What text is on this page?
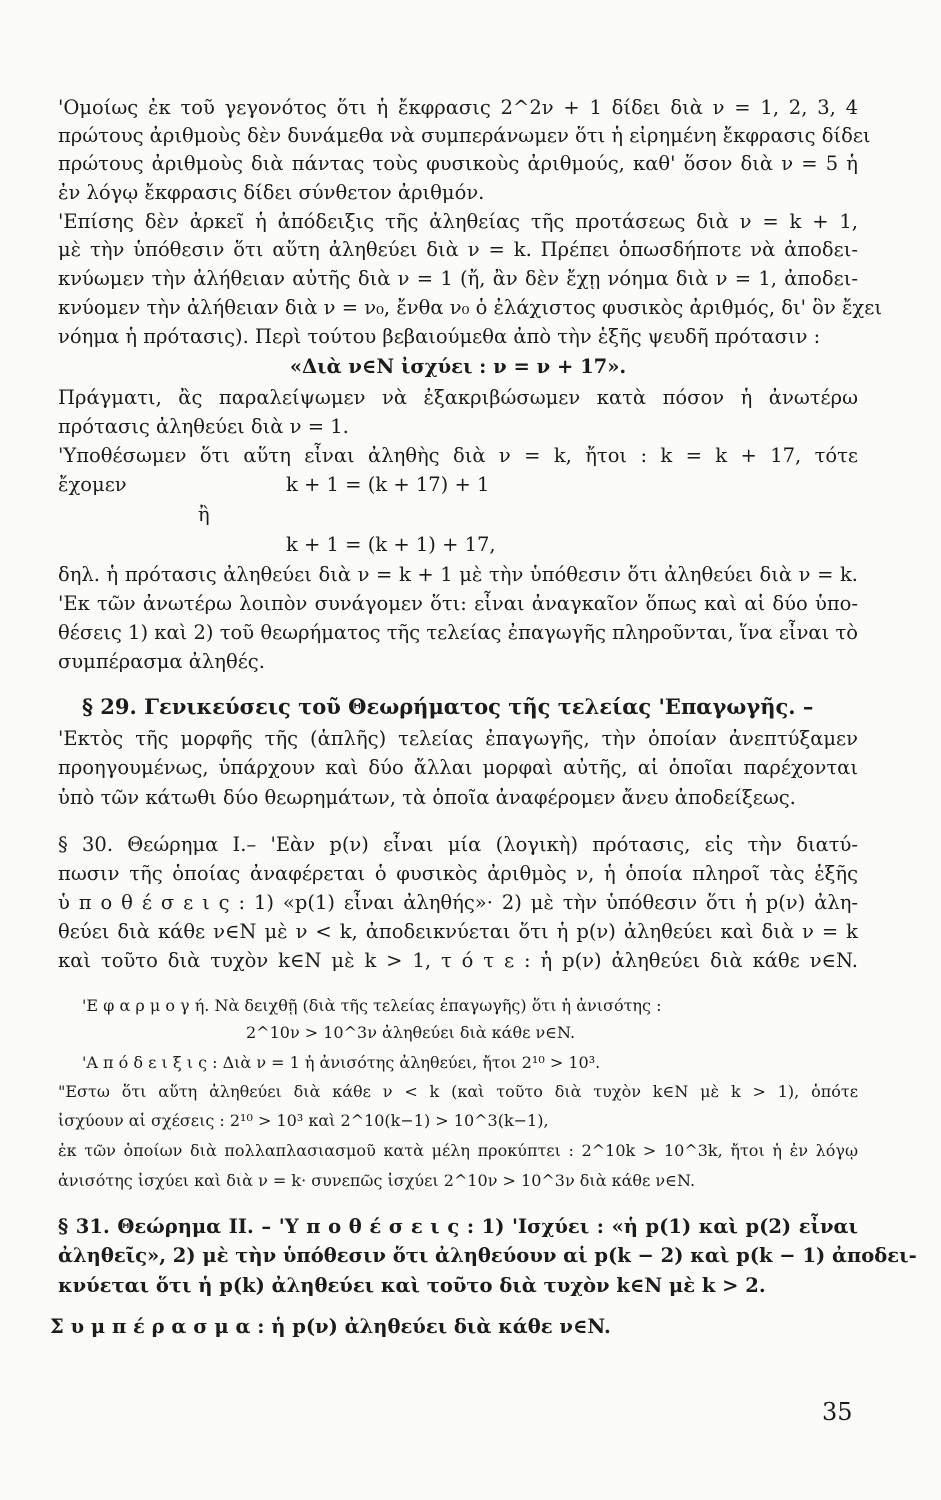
'Ομοίως ἐκ τοῦ γεγονότος ὅτι ἡ ἔκφρασις 2^2ν + 1 δίδει διὰ ν = 1, 2, 3, 4
πρώτους ἀριθμοὺς δὲν δυνάμεθα νὰ συμπεράνωμεν ὅτι ἡ εἰρημένη ἔκφρασις δίδει
πρώτους ἀριθμοὺς διὰ πάντας τοὺς φυσικοὺς ἀριθμούς, καθ' ὅσον διὰ ν = 5 ἡ
ἐν λόγῳ ἔκφρασις δίδει σύνθετον ἀριθμόν.
'Επίσης δὲν ἀρκεῖ ἡ ἀπόδειξις τῆς ἀληθείας τῆς προτάσεως διὰ ν = k + 1,
μὲ τὴν ὑπόθεσιν ὅτι αὕτη ἀληθεύει διὰ ν = k. Πρέπει ὁπωσδήποτε νὰ ἀποδει-
κνύωμεν τὴν ἀλήθειαν αὐτῆς διὰ ν = 1 (ἤ, ἂν δὲν ἔχῃ νόημα διὰ ν = 1, ἀποδει-
κνύομεν τὴν ἀλήθειαν διὰ ν = ν₀, ἔνθα ν₀ ὁ ἐλάχιστος φυσικὸς ἀριθμός, δι' ὃν ἔχει
νόημα ἡ πρότασις). Περὶ τούτου βεβαιούμεθα ἀπὸ τὴν ἑξῆς ψευδῆ πρότασιν :
«Διὰ ν∈N ἰσχύει : ν = ν + 17».
Πράγματι, ἂς παραλείψωμεν νὰ ἐξακριβώσωμεν κατὰ πόσον ἡ ἀνωτέρω
πρότασις ἀληθεύει διὰ ν = 1.
'Υποθέσωμεν ὅτι αὕτη εἶναι ἀληθὴς διὰ ν = k, ἤτοι : k = k + 17, τότε
ἔχομεν	k + 1 = (k + 17) + 1
ἢ
k + 1 = (k + 1) + 17,
δηλ. ἡ πρότασις ἀληθεύει διὰ ν = k + 1 μὲ τὴν ὑπόθεσιν ὅτι ἀληθεύει διὰ ν = k.
'Εκ τῶν ἀνωτέρω λοιπὸν συνάγομεν ὅτι: εἶναι ἀναγκαῖον ὅπως καὶ αἱ δύο ὑπο-
θέσεις 1) καὶ 2) τοῦ θεωρήματος τῆς τελείας ἐπαγωγῆς πληροῦνται, ἵνα εἶναι τὸ
συμπέρασμα ἀληθές.
§ 29. Γενικεύσεις τοῦ Θεωρήματος τῆς τελείας 'Επαγωγῆς. –
'Εκτὸς τῆς μορφῆς τῆς (ἁπλῆς) τελείας ἐπαγωγῆς, τὴν ὁποίαν ἀνεπτύξαμεν
προηγουμένως, ὑπάρχουν καὶ δύο ἄλλαι μορφαὶ αὐτῆς, αἱ ὁποῖαι παρέχονται
ὑπὸ τῶν κάτωθι δύο θεωρημάτων, τὰ ὁποῖα ἀναφέρομεν ἄνευ ἀποδείξεως.
§ 30. Θεώρημα I.– 'Εὰν p(ν) εἶναι μία (λογικὴ) πρότασις, εἰς τὴν διατύ-
πωσιν τῆς ὁποίας ἀναφέρεται ὁ φυσικὸς ἀριθμὸς ν, ἡ ὁποία πληροῖ τὰς ἑξῆς
ὑ π ο θ έ σ ε ι ς : 1) «p(1) εἶναι ἀληθής»· 2) μὲ τὴν ὑπόθεσιν ὅτι ἡ p(ν) ἀλη-
θεύει διὰ κάθε ν∈N μὲ ν < k, ἀποδεικνύεται ὅτι ἡ p(ν) ἀληθεύει καὶ διὰ ν = k
καὶ τοῦτο διὰ τυχὸν k∈N μὲ k > 1, τ ό τ ε : ἡ p(ν) ἀληθεύει διὰ κάθε ν∈N.
'Ε φ α ρ μ ο γ ή. Νὰ δειχθῇ (διὰ τῆς τελείας ἐπαγωγῆς) ὅτι ἡ ἀνισότης :
2^10ν > 10^3ν ἀληθεύει διὰ κάθε ν∈N.
'Α π ό δ ε ι ξ ι ς : Διὰ ν = 1 ἡ ἀνισότης ἀληθεύει, ἤτοι 2¹⁰ > 10³.
"Εστω ὅτι αὕτη ἀληθεύει διὰ κάθε ν < k (καὶ τοῦτο διὰ τυχὸν k∈N μὲ k > 1), ὁπότε
ἰσχύουν αἱ σχέσεις : 2¹⁰ > 10³ καὶ 2^10(k−1) > 10^3(k−1),
ἐκ τῶν ὁποίων διὰ πολλαπλασιασμοῦ κατὰ μέλη προκύπτει : 2^10k > 10^3k, ἤτοι ἡ ἐν λόγῳ
ἀνισότης ἰσχύει καὶ διὰ ν = k· συνεπῶς ἰσχύει 2^10ν > 10^3ν διὰ κάθε ν∈N.
§ 31. Θεώρημα II. – 'Υ π ο θ έ σ ε ι ς : 1) 'Ισχύει : «ἡ p(1) καὶ p(2) εἶναι
ἀληθεῖς», 2) μὲ τὴν ὑπόθεσιν ὅτι ἀληθεύουν αἱ p(k − 2) καὶ p(k − 1) ἀποδει-
κνύεται ὅτι ἡ p(k) ἀληθεύει καὶ τοῦτο διὰ τυχὸν k∈N μὲ k > 2.
Σ υ μ π έ ρ α σ μ α : ἡ p(ν) ἀληθεύει διὰ κάθε ν∈N.
35
